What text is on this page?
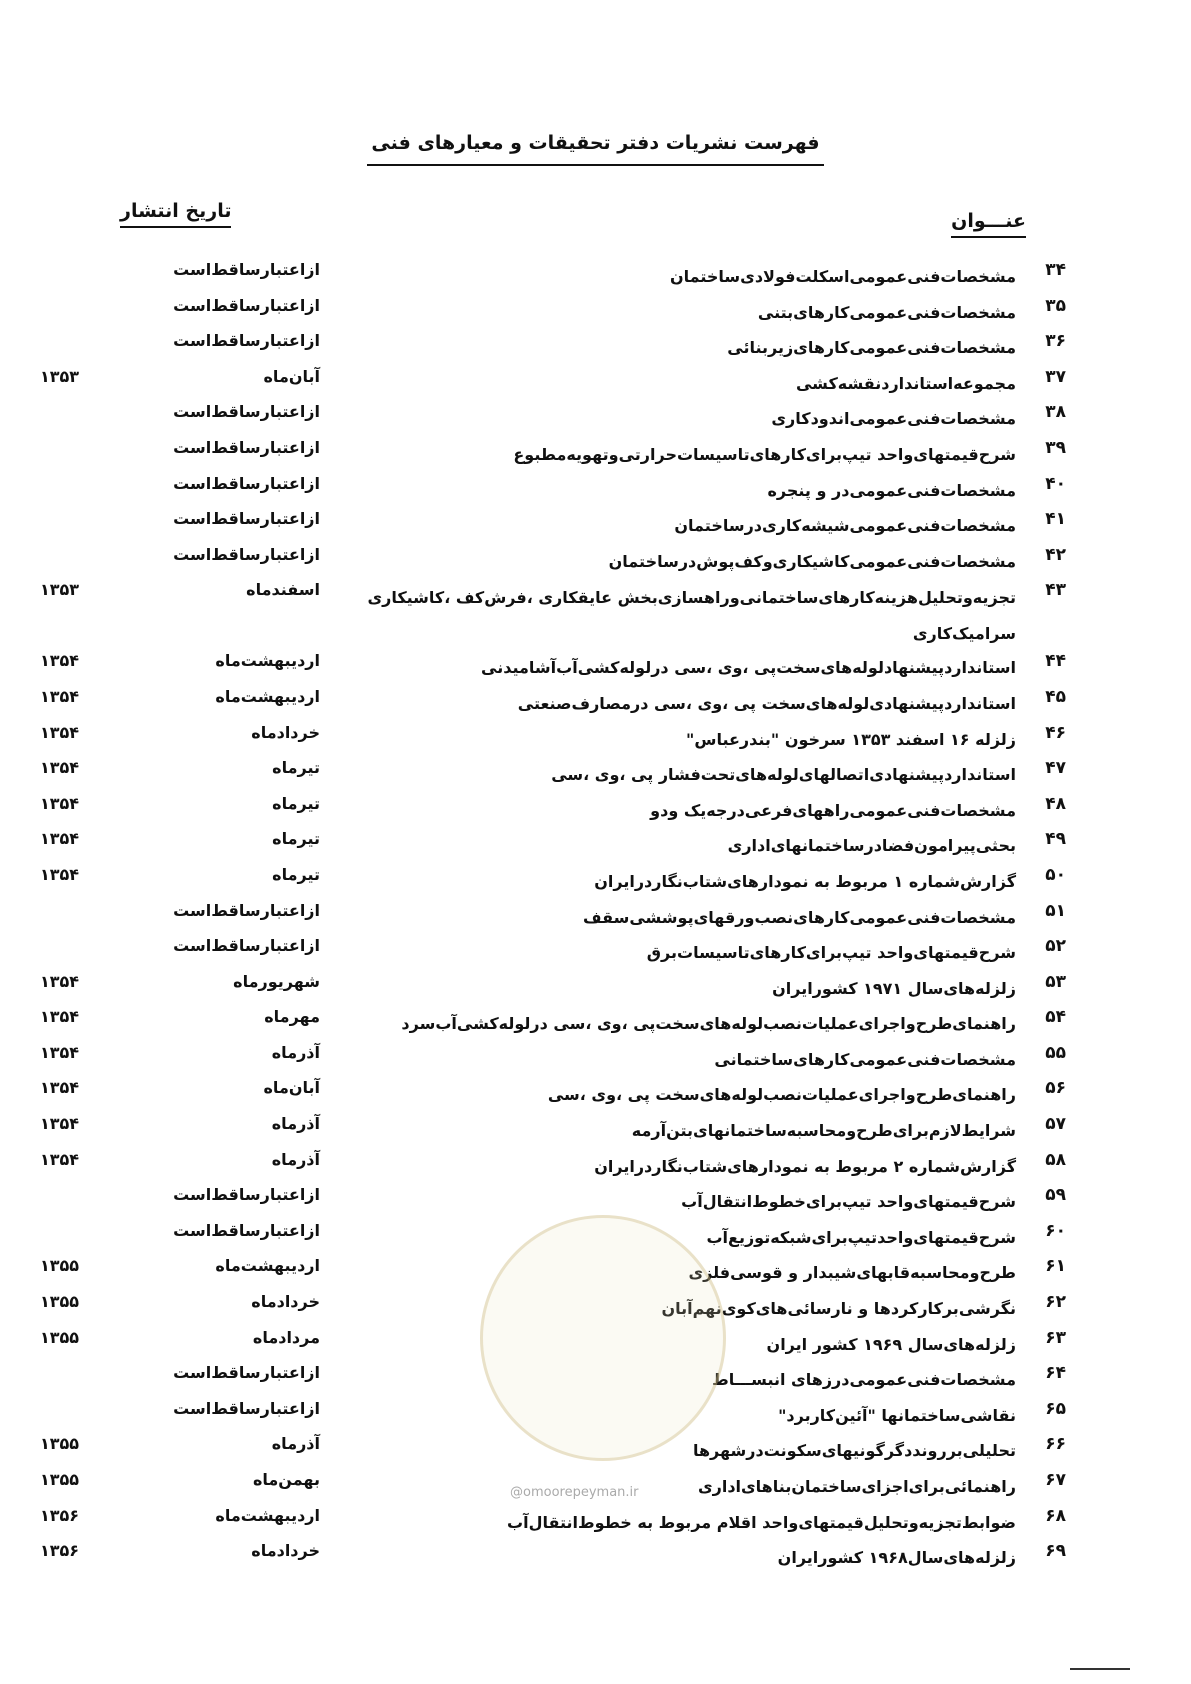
فهرست نشریات دفتر تحقیقات و معیارهای فنی
عنـــوان
تاریخ انتشار
۳۴
مشخصات‌فنی‌عمومی‌اسکلت‌فولادی‌ساختمان
ازاعتبارساقط‌است
۳۵
مشخصات‌فنی‌عمومی‌کارهای‌بتنی
ازاعتبارساقط‌است
۳۶
مشخصات‌فنی‌عمومی‌کارهای‌زیربنائی
ازاعتبارساقط‌است
۳۷
مجموعه‌استاندارد‌نقشه‌کشی
آبان‌ماه
۱۳۵۳
۳۸
مشخصات‌فنی‌عمومی‌اندودکاری
ازاعتبارساقط‌است
۳۹
شرح‌قیمتهای‌واحد تیپ‌برای‌کارهای‌تاسیسات‌حرارتی‌وتهویه‌مطبوع
ازاعتبارساقط‌است
۴۰
مشخصات‌فنی‌عمومی‌در و پنجره
ازاعتبارساقط‌است
۴۱
مشخصات‌فنی‌عمومی‌شیشه‌کاری‌درساختمان
ازاعتبارساقط‌است
۴۲
مشخصات‌فنی‌عمومی‌کاشیکاری‌وکف‌پوش‌درساختمان
ازاعتبارساقط‌است
۴۳
تجزیه‌وتحلیل‌هزینه‌کارهای‌ساختمانی‌وراهسازی‌بخش عایقکاری ،فرش‌کف ،کاشیکاری سرامیک‌کاری
اسفندماه
۱۳۵۳
۴۴
استاندارد‌پیشنهادلوله‌های‌سخت‌پی ،وی ،سی درلوله‌کشی‌آب‌آشامیدنی
اردیبهشت‌ماه
۱۳۵۴
۴۵
استاندارد‌پیشنهادی‌لوله‌های‌سخت پی ،وی ،سی درمصارف‌صنعتی
اردیبهشت‌ماه
۱۳۵۴
۴۶
زلزله ۱۶ اسفند ۱۳۵۳ سرخون "بندرعباس"
خردادماه
۱۳۵۴
۴۷
استاندارد‌پیشنهادی‌اتصالهای‌لوله‌های‌تحت‌فشار پی ،وی ،سی
تیرماه
۱۳۵۴
۴۸
مشخصات‌فنی‌عمومی‌راههای‌فرعی‌درجه‌یک ودو
تیرماه
۱۳۵۴
۴۹
بحثی‌پیرامون‌فضادرساختمانهای‌اداری
تیرماه
۱۳۵۴
۵۰
گزارش‌شماره ۱ مربوط به نمودارهای‌شتاب‌نگاردرایران
تیرماه
۱۳۵۴
۵۱
مشخصات‌فنی‌عمومی‌کارهای‌نصب‌ورقهای‌پوششی‌سقف
ازاعتبارساقط‌است
۵۲
شرح‌قیمتهای‌واحد تیپ‌برای‌کارهای‌تاسیسات‌برق
ازاعتبارساقط‌است
۵۳
زلزله‌های‌سال ۱۹۷۱ کشورایران
شهریورماه
۱۳۵۴
۵۴
راهنمای‌طرح‌واجرای‌عملیات‌نصب‌لوله‌های‌سخت‌پی ،وی ،سی درلوله‌کشی‌آب‌سرد
مهرماه
۱۳۵۴
۵۵
مشخصات‌فنی‌عمومی‌کارهای‌ساختمانی
آذرماه
۱۳۵۴
۵۶
راهنمای‌طرح‌واجرای‌عملیات‌نصب‌لوله‌های‌سخت پی ،وی ،سی
آبان‌ماه
۱۳۵۴
۵۷
شرایط‌لازم‌برای‌طرح‌ومحاسبه‌ساختمانهای‌بتن‌آرمه
آذرماه
۱۳۵۴
۵۸
گزارش‌شماره ۲ مربوط به نمودارهای‌شتاب‌نگاردرایران
آذرماه
۱۳۵۴
۵۹
شرح‌قیمتهای‌واحد تیپ‌برای‌خطوط‌انتقال‌آب
ازاعتبارساقط‌است
۶۰
شرح‌قیمتهای‌واحدتیپ‌برای‌شبکه‌توزیع‌آب
ازاعتبارساقط‌است
۶۱
طرح‌ومحاسبه‌قابهای‌شیبدار و قوسی‌فلزی
اردیبهشت‌ماه
۱۳۵۵
۶۲
نگرشی‌برکارکردها و نارسائی‌های‌کوی‌نهم‌آبان
خردادماه
۱۳۵۵
۶۳
زلزله‌های‌سال ۱۹۶۹ کشور ایران
مردادماه
۱۳۵۵
۶۴
مشخصات‌فنی‌عمومی‌درزهای انبســـاط
ازاعتبارساقط‌است
۶۵
نقاشی‌ساختمانها "آئین‌کاربرد"
ازاعتبارساقط‌است
۶۶
تحلیلی‌برروندد‌گرگونیهای‌سکونت‌درشهرها
آذرماه
۱۳۵۵
۶۷
راهنمائی‌برای‌اجزای‌ساختمان‌بناهای‌اداری
بهمن‌ماه
۱۳۵۵
۶۸
ضوابط‌تجزیه‌وتحلیل‌قیمتهای‌واحد اقلام مربوط به خطوط‌انتقال‌آب
اردیبهشت‌ماه
۱۳۵۶
۶۹
زلزله‌های‌سال‌۱۹۶۸ کشورایران
خردادماه
۱۳۵۶
@omoorepeyman.ir
